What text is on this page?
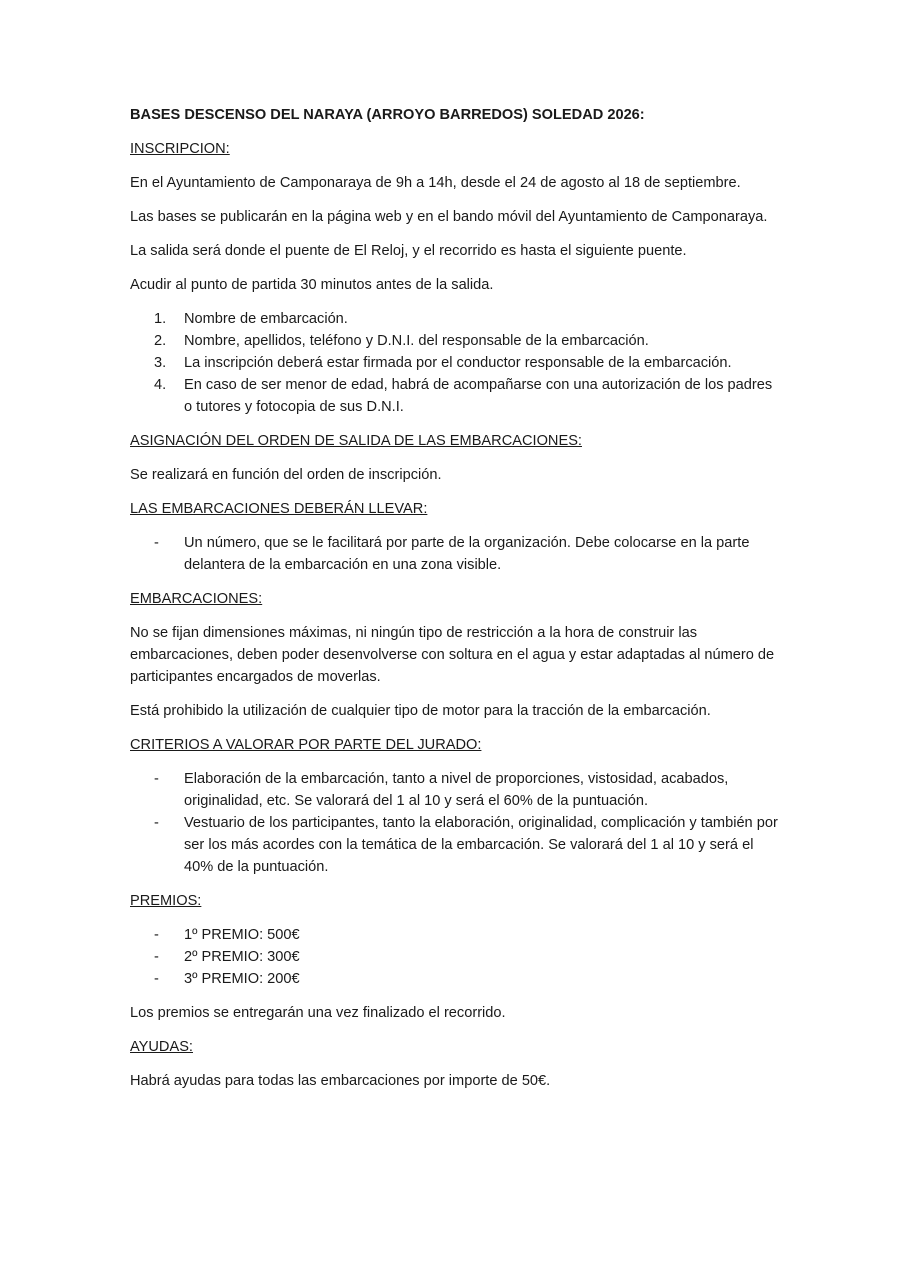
BASES DESCENSO DEL NARAYA (ARROYO BARREDOS) SOLEDAD 2026:

INSCRIPCION:

En el Ayuntamiento de Camponaraya de 9h a 14h, desde el 24 de agosto al 18 de septiembre.

Las bases se publicarán en la página web y en el bando móvil del Ayuntamiento de Camponaraya.

La salida será donde el puente de El Reloj, y el recorrido es hasta el siguiente puente.

Acudir al punto de partida 30 minutos antes de la salida.

1.	Nombre de embarcación.
2.	Nombre, apellidos, teléfono y D.N.I. del responsable de la embarcación.
3.	La inscripción deberá estar firmada por el conductor responsable de la embarcación.
4.	En caso de ser menor de edad, habrá de acompañarse con una autorización de los padres o tutores y fotocopia de sus D.N.I.

ASIGNACIÓN DEL ORDEN DE SALIDA DE LAS EMBARCACIONES:

Se realizará en función del orden de inscripción.

LAS EMBARCACIONES DEBERÁN LLEVAR:

-	Un número, que se le facilitará por parte de la organización. Debe colocarse en la parte delantera de la embarcación en una zona visible.

EMBARCACIONES:

No se fijan dimensiones máximas, ni ningún tipo de restricción a la hora de construir las embarcaciones, deben poder desenvolverse con soltura en el agua y estar adaptadas al número de participantes encargados de moverlas.

Está prohibido la utilización de cualquier tipo de motor para la tracción de la embarcación.

CRITERIOS A VALORAR POR PARTE DEL JURADO:

-	Elaboración de la embarcación, tanto a nivel de proporciones, vistosidad, acabados, originalidad, etc. Se valorará del 1 al 10 y será el 60% de la puntuación.
-	Vestuario de los participantes, tanto la elaboración, originalidad, complicación y también por ser los más acordes con la temática de la embarcación. Se valorará del 1 al 10 y será el 40% de la puntuación.

PREMIOS:

-	1º PREMIO: 500€
-	2º PREMIO: 300€
-	3º PREMIO: 200€

Los premios se entregarán una vez finalizado el recorrido.

AYUDAS:

Habrá ayudas para todas las embarcaciones por importe de 50€.
